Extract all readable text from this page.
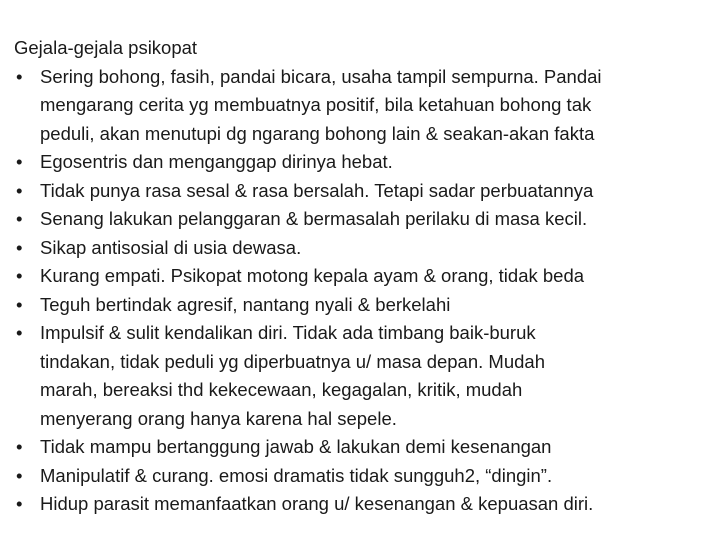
Gejala-gejala psikopat
• Sering bohong, fasih, pandai bicara, usaha tampil sempurna. Pandai
mengarang cerita yg membuatnya positif, bila ketahuan bohong tak
peduli, akan menutupi dg ngarang bohong lain & seakan-akan fakta
• Egosentris dan menganggap dirinya hebat.
• Tidak punya rasa sesal & rasa bersalah. Tetapi sadar perbuatannya
• Senang lakukan pelanggaran & bermasalah perilaku di masa kecil.
• Sikap antisosial di usia dewasa.
• Kurang empati. Psikopat motong kepala ayam & orang, tidak beda
• Teguh bertindak agresif, nantang nyali & berkelahi
• Impulsif & sulit kendalikan diri. Tidak ada timbang baik-buruk
tindakan, tidak peduli yg diperbuatnya u/ masa depan. Mudah
marah, bereaksi thd kekecewaan, kegagalan, kritik, mudah
menyerang orang hanya karena hal sepele.
• Tidak mampu bertanggung jawab & lakukan demi kesenangan
• Manipulatif & curang. emosi dramatis tidak sungguh2, “dingin”.
• Hidup parasit memanfaatkan orang u/ kesenangan & kepuasan diri.
